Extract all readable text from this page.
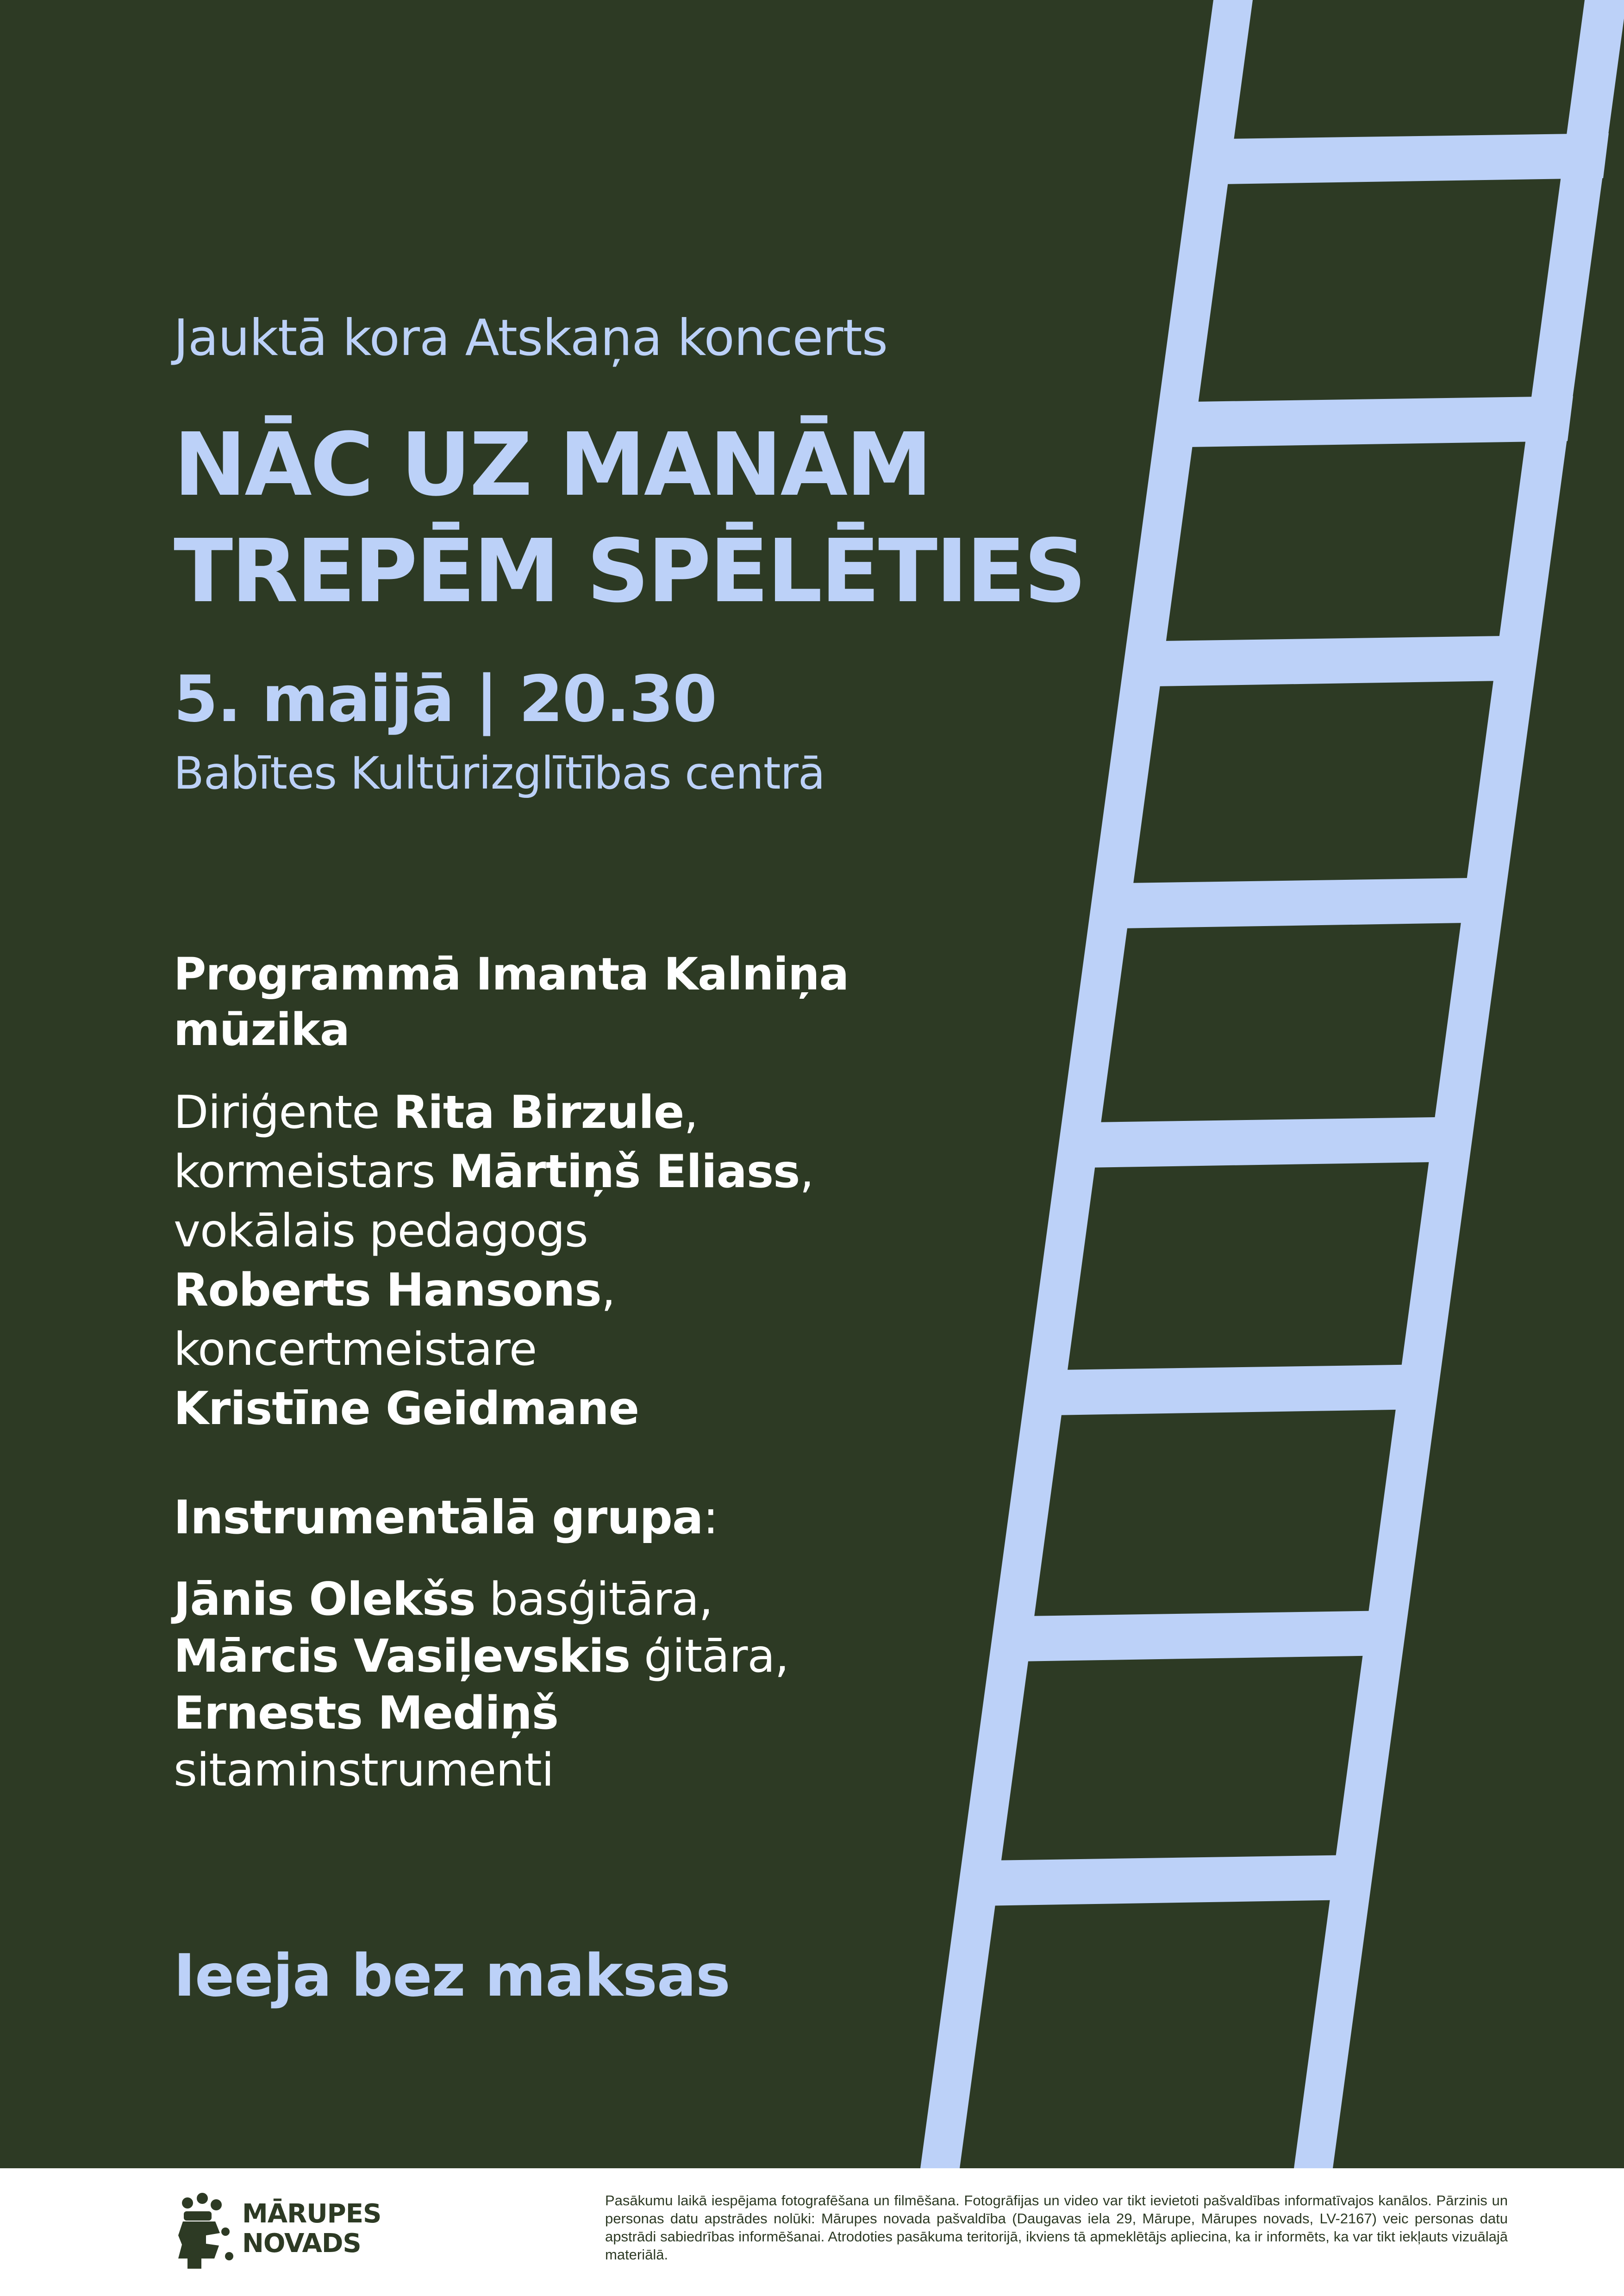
Jauktā kora Atskaņa koncerts

NĀC UZ MANĀM
TREPĒM SPĒLĒTIES

5. maijā | 20.30

Babītes Kultūrizglītības centrā

Programmā Imanta Kalniņa mūzika

Diriģente Rita Birzule,
kormeistars Mārtiņš Eliass,
vokālais pedagogs
Roberts Hansons,
koncertmeistare
Kristīne Geidmane

Instrumentālā grupa:

Jānis Olekšs basģitāra,
Mārcis Vasiļevskis ģitāra,
Ernests Mediņš
sitaminstrumenti

Ieeja bez maksas

MĀRUPES
NOVADS

Pasākumu laikā iespējama fotografēšana un filmēšana. Fotogrāfijas un video var tikt ievietoti pašvaldības informatīvajos kanālos. Pārzinis un personas datu apstrādes nolūki: Mārupes novada pašvaldība (Daugavas iela 29, Mārupe, Mārupes novads, LV-2167) veic personas datu apstrādi sabiedrības informēšanai. Atrodoties pasākuma teritorijā, ikviens tā apmeklētājs apliecina, ka ir informēts, ka var tikt iekļauts vizuālajā materiālā.
